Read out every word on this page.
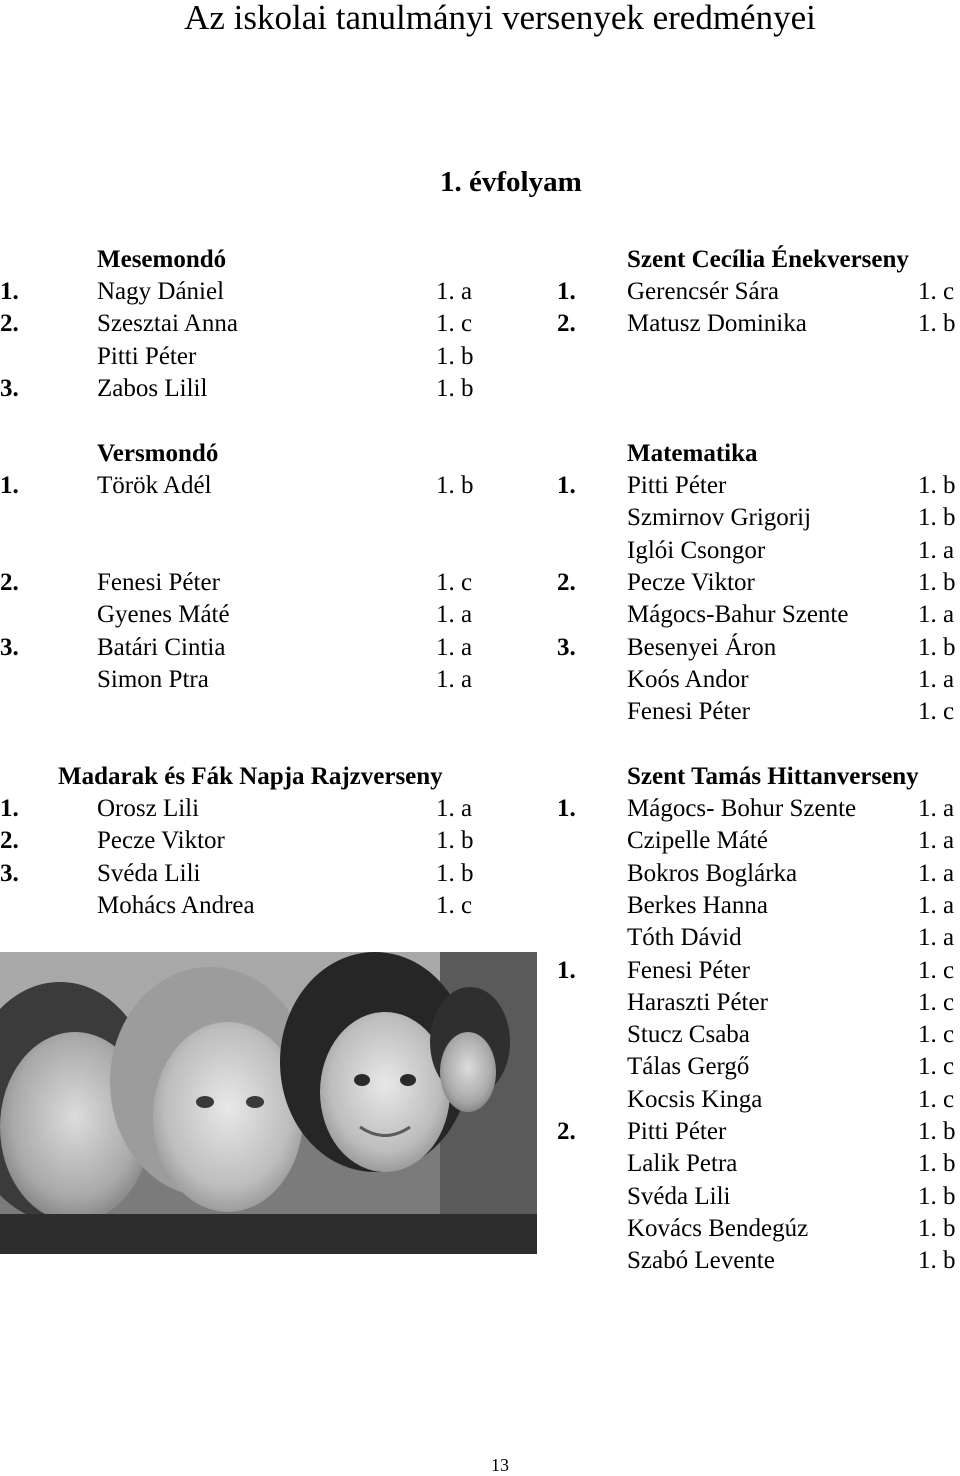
Az iskolai tanulmányi versenyek eredményei
1. évfolyam
Mesemondó
1.	Nagy Dániel	1. a
2.	Szesztai Anna	1. c
Pitti Péter	1. b
3.	Zabos Lilil	1. b
Versmondó
1.	Török Adél	1. b
2.	Fenesi Péter	1. c
Gyenes Máté	1. a
3.	Batári Cintia	1. a
Simon Ptra	1. a
Madarak és Fák Napja Rajzverseny
1.	Orosz Lili	1. a
2.	Pecze Viktor	1. b
3.	Svéda Lili	1. b
Mohács Andrea	1. c
Szent Cecília Énekverseny
1. Gerencsér Sára	1. c
2. Matusz Dominika	1. b
Matematika
1. Pitti Péter	1. b
Szmirnov Grigorij	1. b
Iglói Csongor	1. a
2. Pecze Viktor	1. b
Mágocs-Bahur Szente	1. a
3. Besenyei Áron	1. b
Koós Andor	1. a
Fenesi Péter	1. c
Szent Tamás Hittanverseny
1. Mágocs- Bohur Szente 1. a
Czipelle Máté	1. a
Bokros Boglárka	1. a
Berkes Hanna	1. a
Tóth Dávid	1. a
1. Fenesi Péter	1. c
Haraszti Péter	1. c
Stucz Csaba	1. c
Tálas Gergő	1. c
Kocsis Kinga	1. c
2. Pitti Péter	1. b
Lalik Petra	1. b
Svéda Lili	1. b
Kovács Bendegúz	1. b
Szabó Levente	1. b
13
